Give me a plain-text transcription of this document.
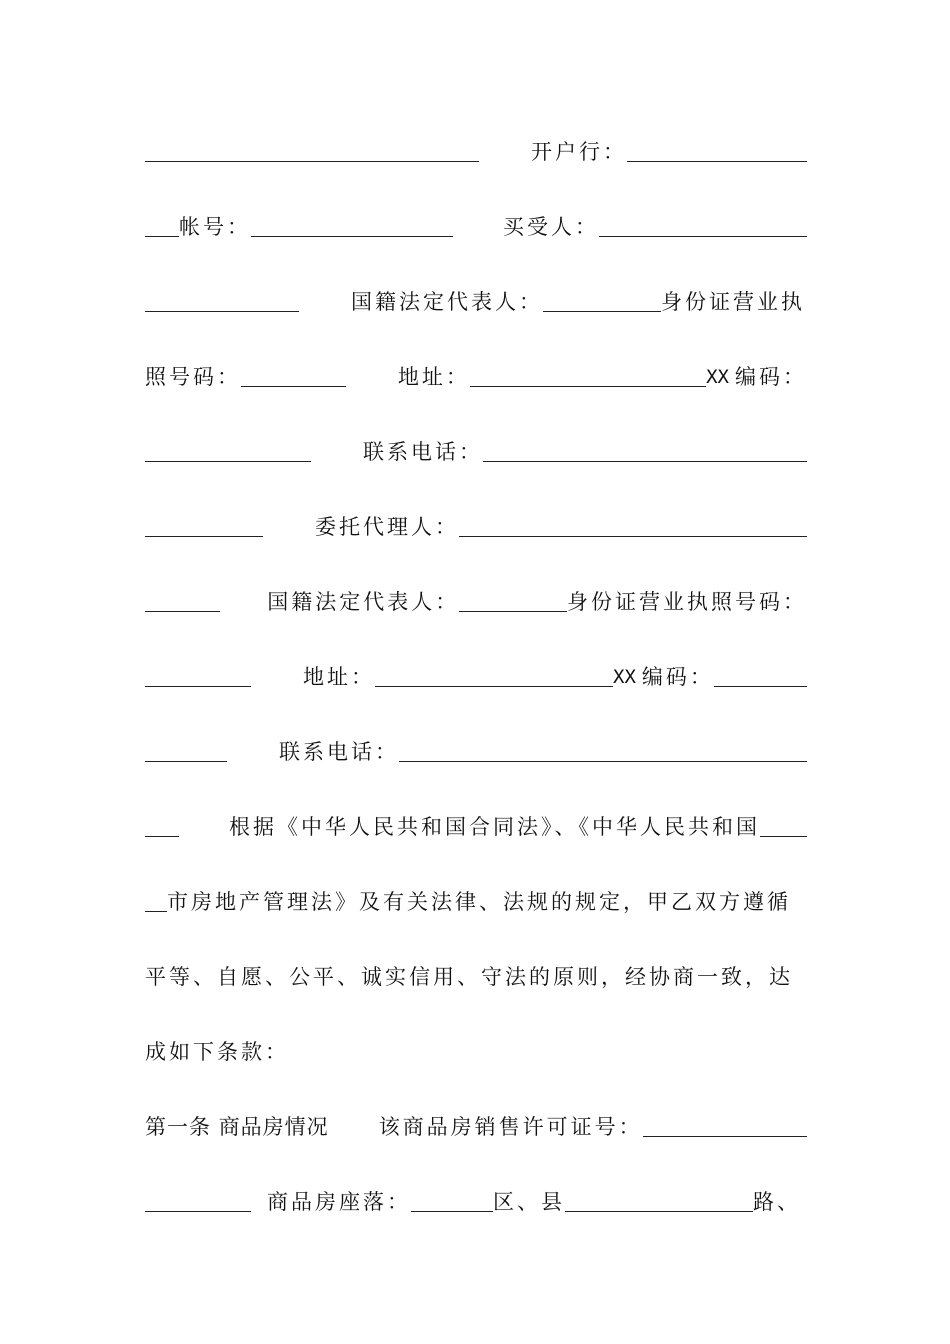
开户行：
帐号：	买受人：
国籍法定代表人：	身份证营业执
照号码：	地址：	XX 编码：
联系电话：
委托代理人：
国籍法定代表人：	身份证营业执照号码：
地址：	XX 编码：
联系电话：
根据《中华人民共和国合同法》、《中华人民共和国
市房地产管理法》及有关法律、法规的规定，甲乙双方遵循
平等、自愿、公平、诚实信用、守法的原则，经协商一致，达
成如下条款：
第一条 商品房情况 该商品房销售许可证号：
商品房座落：	区、县	路、
